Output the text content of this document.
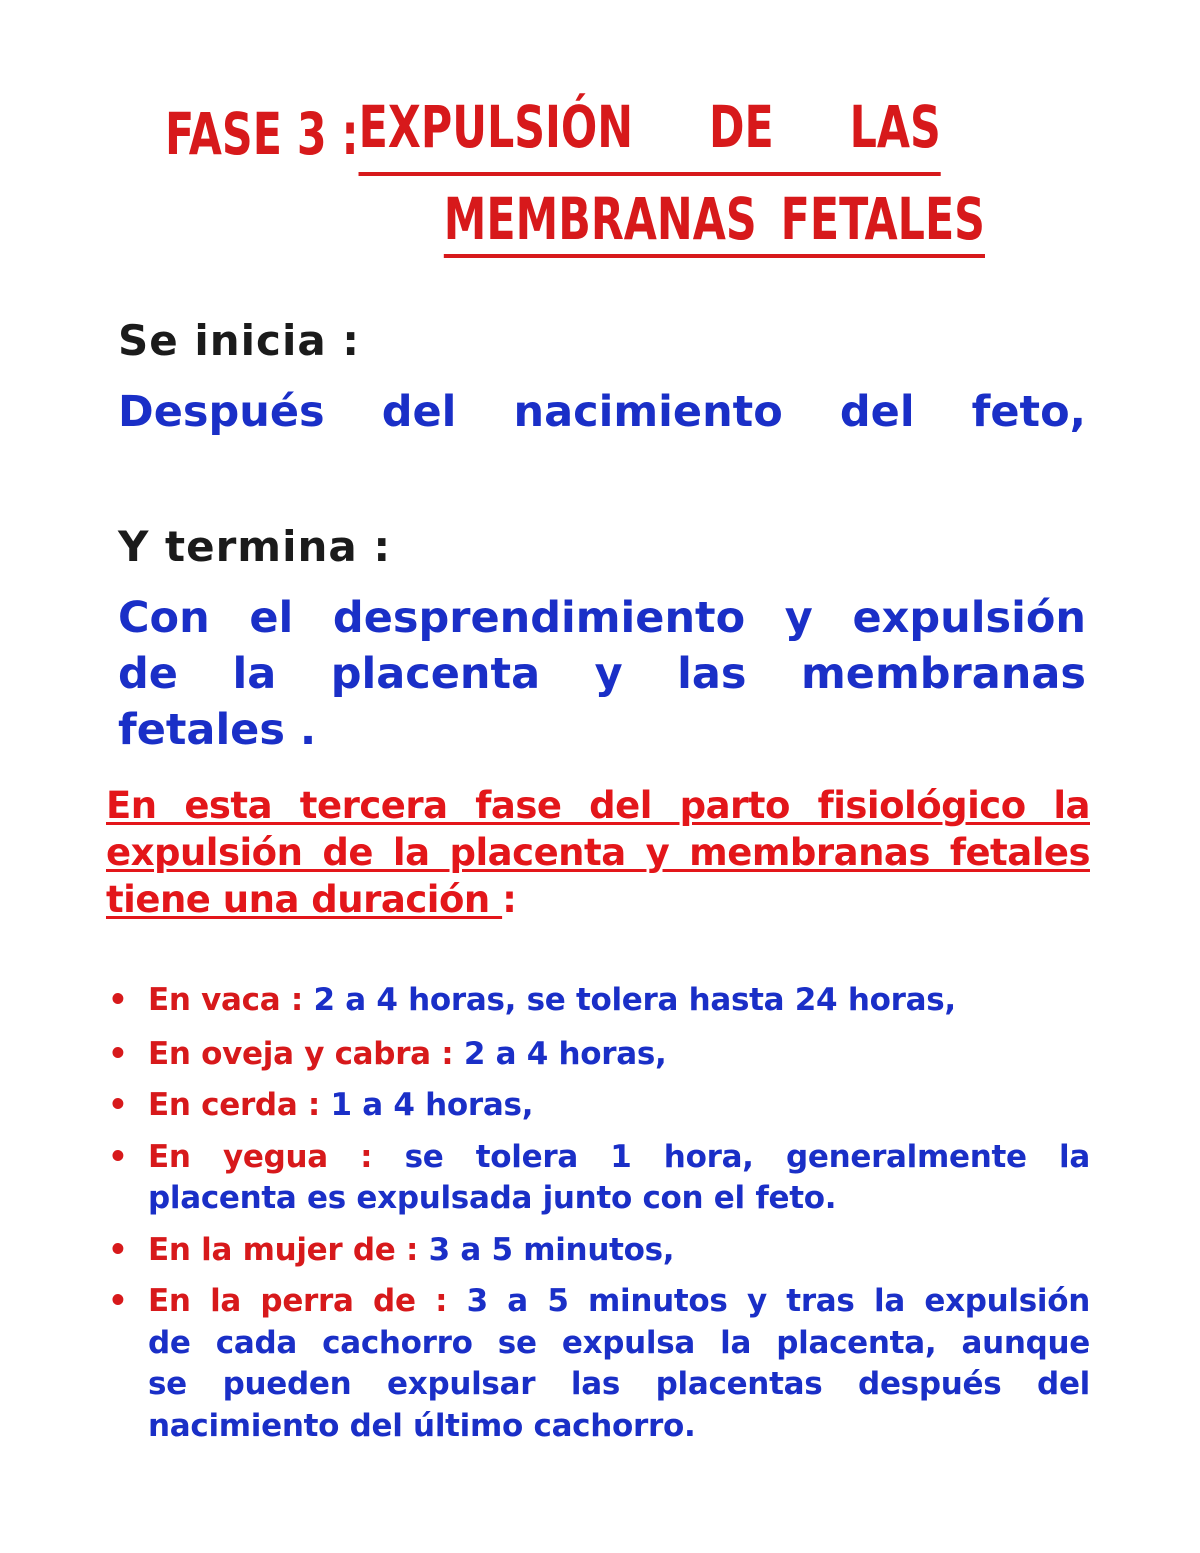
FASE 3 : EXPULSIÓN DE LAS
MEMBRANAS FETALES
Se inicia :
Después del nacimiento del feto,
Y termina :
Con el desprendimiento y expulsión
de la placenta y las membranas
fetales .
En esta tercera fase del parto fisiológico la
expulsión de la placenta y membranas fetales
tiene una duración :
• En vaca : 2 a 4 horas, se tolera hasta 24 horas,
• En oveja y cabra : 2 a 4 horas,
• En cerda : 1 a 4 horas,
• En yegua : se tolera 1 hora, generalmente la
placenta es expulsada junto con el feto.
• En la mujer de : 3 a 5 minutos,
• En la perra de : 3 a 5 minutos y tras la expulsión
de cada cachorro se expulsa la placenta, aunque
se pueden expulsar las placentas después del
nacimiento del último cachorro.
